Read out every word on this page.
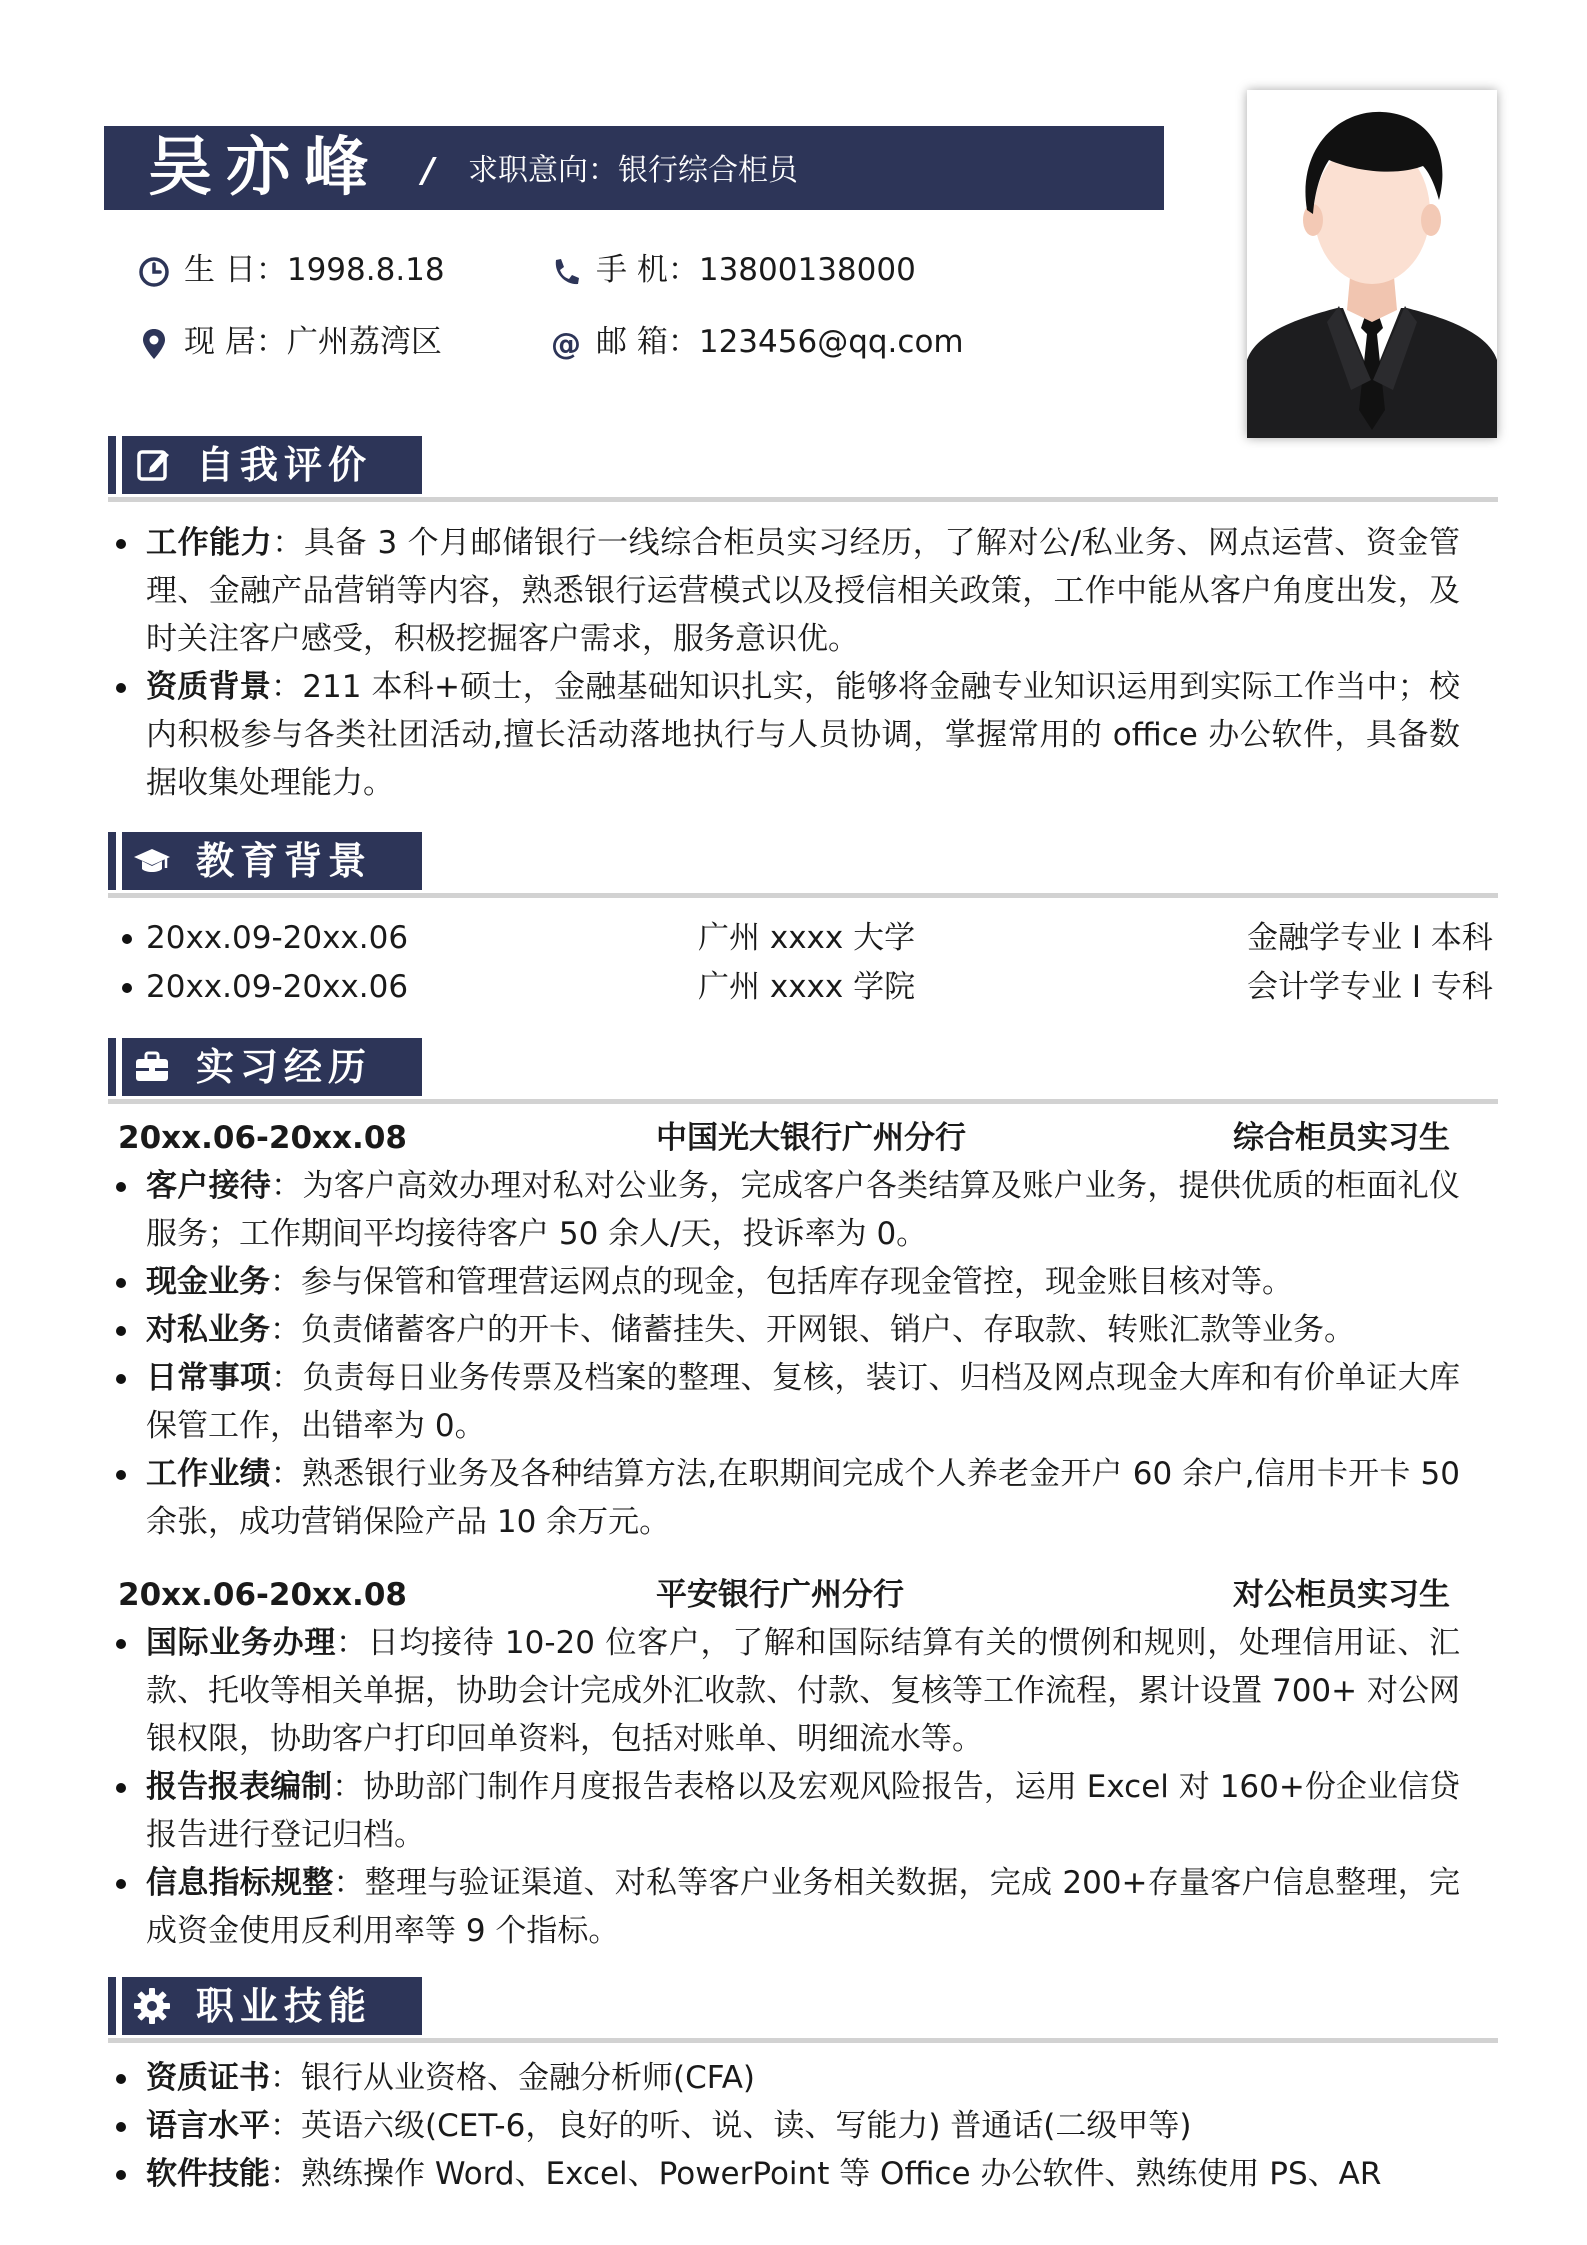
吴亦峰 / 求职意向：银行综合柜员
生 日：1998.8.18	手 机：13800138000
现 居：广州荔湾区	@ 邮 箱：123456@qq.com
自我评价
工作能力：具备 3 个月邮储银行一线综合柜员实习经历，了解对公/私业务、网点运营、资金管理、金融产品营销等内容，熟悉银行运营模式以及授信相关政策，工作中能从客户角度出发，及时关注客户感受，积极挖掘客户需求，服务意识优。
资质背景：211 本科+硕士，金融基础知识扎实，能够将金融专业知识运用到实际工作当中；校内积极参与各类社团活动,擅长活动落地执行与人员协调，掌握常用的 office 办公软件，具备数据收集处理能力。
教育背景
20xx.09-20xx.06	广州 xxxx 大学	金融学专业 I 本科
20xx.09-20xx.06	广州 xxxx 学院	会计学专业 I 专科
实习经历
20xx.06-20xx.08	中国光大银行广州分行	综合柜员实习生
客户接待：为客户高效办理对私对公业务，完成客户各类结算及账户业务，提供优质的柜面礼仪服务；工作期间平均接待客户 50 余人/天，投诉率为 0。
现金业务：参与保管和管理营运网点的现金，包括库存现金管控，现金账目核对等。
对私业务：负责储蓄客户的开卡、储蓄挂失、开网银、销户、存取款、转账汇款等业务。
日常事项：负责每日业务传票及档案的整理、复核，装订、归档及网点现金大库和有价单证大库保管工作，出错率为 0。
工作业绩：熟悉银行业务及各种结算方法,在职期间完成个人养老金开户 60 余户,信用卡开卡 50 余张，成功营销保险产品 10 余万元。
20xx.06-20xx.08	平安银行广州分行	对公柜员实习生
国际业务办理：日均接待 10-20 位客户，了解和国际结算有关的惯例和规则，处理信用证、汇款、托收等相关单据，协助会计完成外汇收款、付款、复核等工作流程，累计设置 700+ 对公网银权限，协助客户打印回单资料，包括对账单、明细流水等。
报告报表编制：协助部门制作月度报告表格以及宏观风险报告，运用 Excel 对 160+份企业信贷报告进行登记归档。
信息指标规整：整理与验证渠道、对私等客户业务相关数据，完成 200+存量客户信息整理，完成资金使用反利用率等 9 个指标。
职业技能
资质证书：银行从业资格、金融分析师(CFA)
语言水平：英语六级(CET-6，良好的听、说、读、写能力) 普通话(二级甲等)
软件技能：熟练操作 Word、Excel、PowerPoint 等 Office 办公软件、熟练使用 PS、AR
